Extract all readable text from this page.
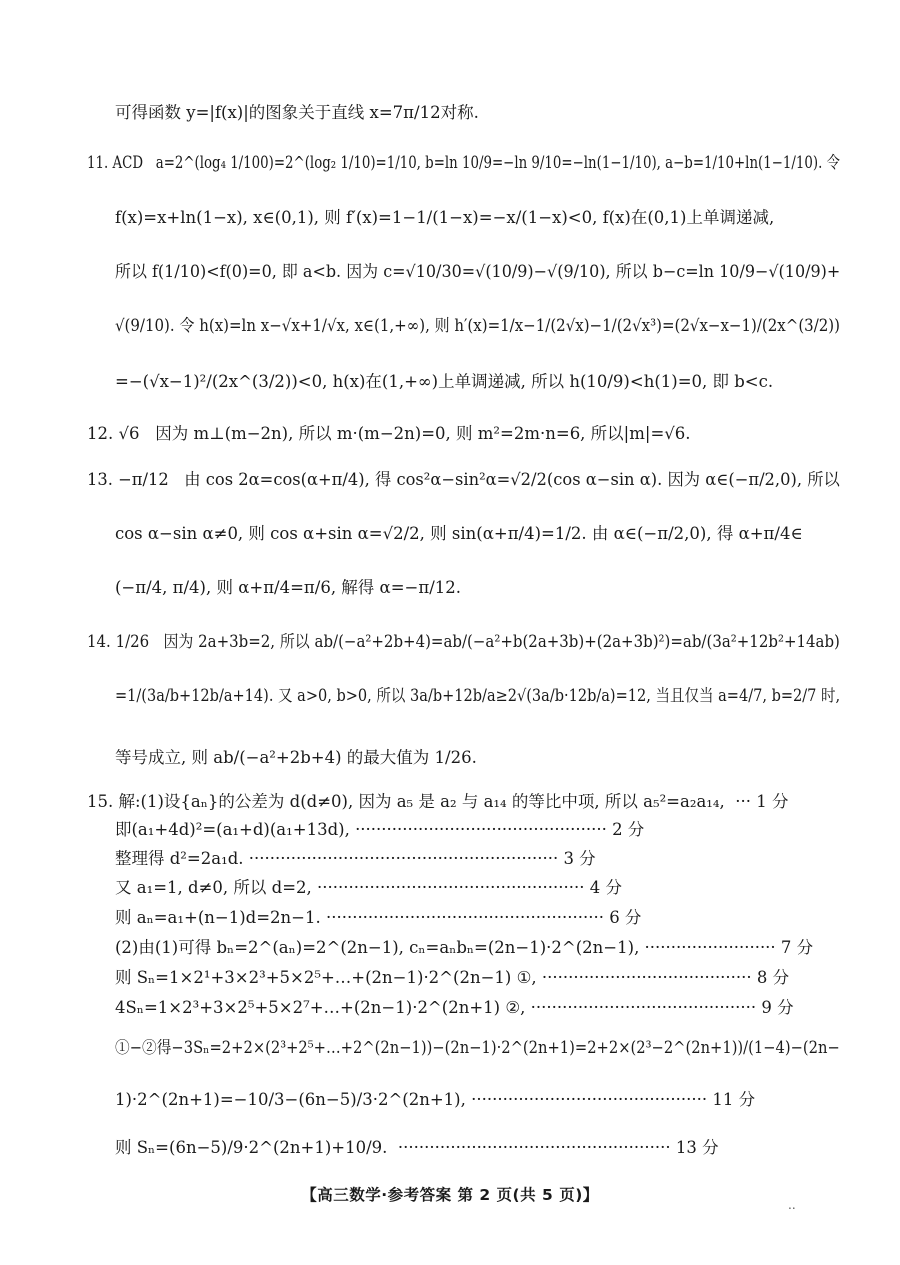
可得函数 y=|f(x)|的图象关于直线 x=7π/12对称.
11. ACD   a=2^(log₄ 1/100)=2^(log₂ 1/10)=1/10, b=ln 10/9=−ln 9/10=−ln(1−1/10), a−b=1/10+ln(1−1/10). 令
f(x)=x+ln(1−x), x∈(0,1), 则 f′(x)=1−1/(1−x)=−x/(1−x)<0, f(x)在(0,1)上单调递减,
所以 f(1/10)<f(0)=0, 即 a<b. 因为 c=√10/30=√(10/9)−√(9/10), 所以 b−c=ln 10/9−√(10/9)+
√(9/10). 令 h(x)=ln x−√x+1/√x, x∈(1,+∞), 则 h′(x)=1/x−1/(2√x)−1/(2√x³)=(2√x−x−1)/(2x^(3/2))
=−(√x−1)²/(2x^(3/2))<0, h(x)在(1,+∞)上单调递减, 所以 h(10/9)<h(1)=0, 即 b<c.
12. √6   因为 m⊥(m−2n), 所以 m·(m−2n)=0, 则 m²=2m·n=6, 所以|m|=√6.
13. −π/12   由 cos 2α=cos(α+π/4), 得 cos²α−sin²α=√2/2(cos α−sin α). 因为 α∈(−π/2,0), 所以
cos α−sin α≠0, 则 cos α+sin α=√2/2, 则 sin(α+π/4)=1/2. 由 α∈(−π/2,0), 得 α+π/4∈
(−π/4, π/4), 则 α+π/4=π/6, 解得 α=−π/12.
14. 1/26   因为 2a+3b=2, 所以 ab/(−a²+2b+4)=ab/(−a²+b(2a+3b)+(2a+3b)²)=ab/(3a²+12b²+14ab)
=1/(3a/b+12b/a+14). 又 a>0, b>0, 所以 3a/b+12b/a≥2√(3a/b·12b/a)=12, 当且仅当 a=4/7, b=2/7 时,
等号成立, 则 ab/(−a²+2b+4) 的最大值为 1/26.
15. 解:(1)设{aₙ}的公差为 d(d≠0), 因为 a₅ 是 a₂ 与 a₁₄ 的等比中项, 所以 a₅²=a₂a₁₄,  ··· 1 分
即(a₁+4d)²=(a₁+d)(a₁+13d), ················································ 2 分
整理得 d²=2a₁d. ··························································· 3 分
又 a₁=1, d≠0, 所以 d=2, ··················································· 4 分
则 aₙ=a₁+(n−1)d=2n−1. ····················································· 6 分
(2)由(1)可得 bₙ=2^(aₙ)=2^(2n−1), cₙ=aₙbₙ=(2n−1)·2^(2n−1), ························· 7 分
则 Sₙ=1×2¹+3×2³+5×2⁵+…+(2n−1)·2^(2n−1) ①, ········································ 8 分
4Sₙ=1×2³+3×2⁵+5×2⁷+…+(2n−1)·2^(2n+1) ②, ··········································· 9 分
①−②得−3Sₙ=2+2×(2³+2⁵+…+2^(2n−1))−(2n−1)·2^(2n+1)=2+2×(2³−2^(2n+1))/(1−4)−(2n−
1)·2^(2n+1)=−10/3−(6n−5)/3·2^(2n+1), ············································· 11 分
则 Sₙ=(6n−5)/9·2^(2n+1)+10/9.  ···················································· 13 分
【高三数学·参考答案 第 2 页(共 5 页)】
..
